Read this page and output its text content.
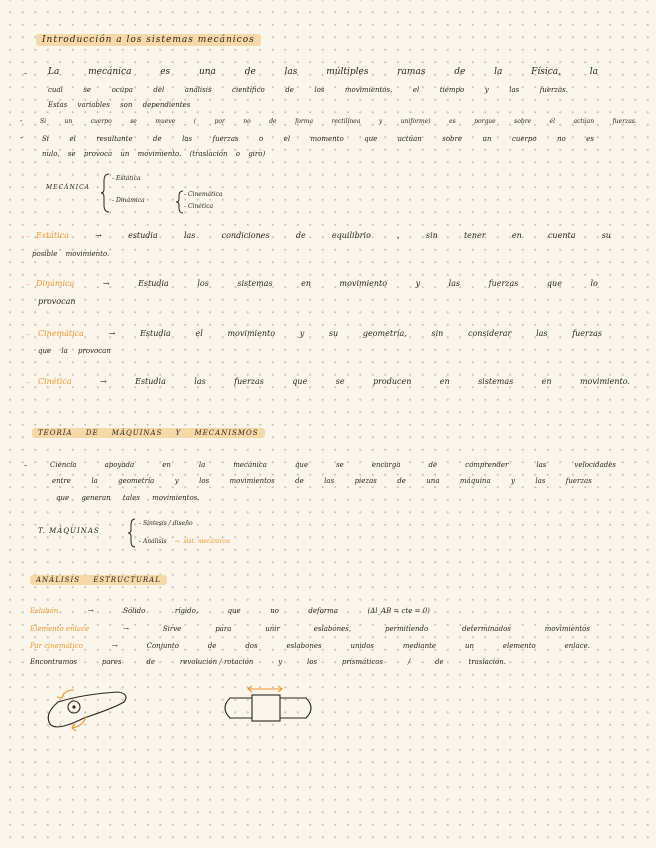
Introducción a los sistemas mecánicos
- La	mecánica	es	una	de	las	múltiples	ramas	de	la	Física,	la
cual	se	ocupa	del	análisis	científico	de	los	movimientos,	el	tiempo	y	las	fuerzas.
Estas variables son dependientes
-	Si	un	cuerpo	se	mueve	(	por	no	de	forma	rectilínea	y	uniforme)	es	porque	sobre	él	actúan	fuerzas.
-	Si	el	resultante	de	las	fuerzas	o	el	momento	que	actúan	sobre	un	cuerpo	no	es
nulo, se provoca un movimiento. (traslación o giro)
MECÁNICA
- Estática
- Dinámica
- Cinemática
- Cinética
- Estática	→	estudia	las	condiciones	de	equilibrio	,	sin	tener	en	cuenta	su
posible movimiento.
- Dinámica	→	Estudia	los	sistemas	en	movimiento	y	las	fuerzas	que	lo
provocan
- Cinemática	→	Estudia	el	movimiento	y	su	geometría,	sin	considerar	las	fuerzas
que la provocan
- Cinética	→	Estudia	las	fuerzas	que	se	producen	en	sistemas	en	movimiento.
TEORÍA DE MÁQUINAS Y MECANISMOS
-	Ciencia	apoyada	en	la	mecánica	que	se	encarga	de	comprender	las	velocidades
entre	la	geometría	y	los	movimientos	de	las	piezas	de	una	máquina	y	las	fuerzas
que generan tales movimientos.
T. MÁQUINAS
- Síntesis / diseño
- Análisis → sist. mecánicos
ANÁLISIS ESTRUCTURAL
Eslabón	→	Sólido	rígido,	que	no	deforma	(Δl_AB = cte = 0)
Elemento enlace	→	Sirve	para	unir	eslabones,	permitiendo	determinados	movimientos
Par cinemático	→	Conjunto	de	dos	eslabones	unidos	mediante	un	elemento	enlace.
Encontramos	pares	de	revolución / rotación	y	los	prismáticos	/	de	traslación.
